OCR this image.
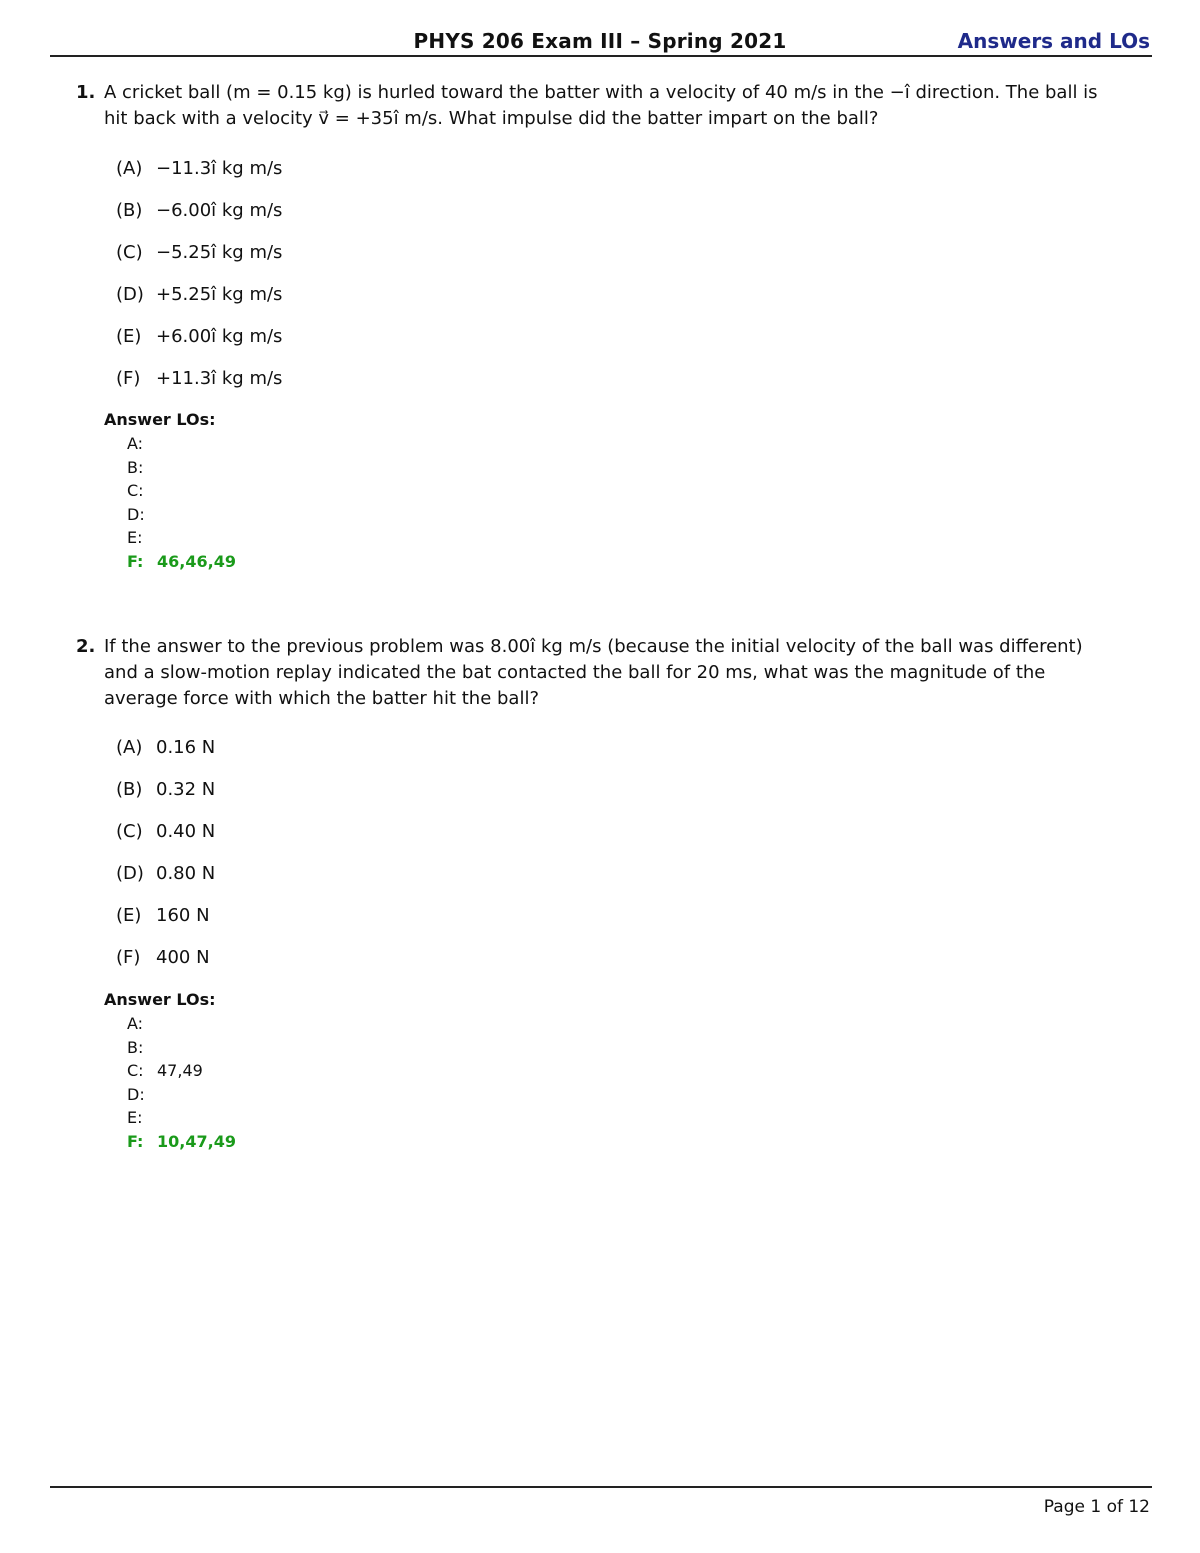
PHYS 206 Exam III – Spring 2021	Answers and LOs
1. A cricket ball (m = 0.15 kg) is hurled toward the batter with a velocity of 40 m/s in the −î direction. The ball is hit back with a velocity v⃗ = +35î m/s. What impulse did the batter impart on the ball?
(A) −11.3î kg m/s
(B) −6.00î kg m/s
(C) −5.25î kg m/s
(D) +5.25î kg m/s
(E) +6.00î kg m/s
(F) +11.3î kg m/s
Answer LOs:
A:
B:
C:
D:
E:
F: 46,46,49
2. If the answer to the previous problem was 8.00î kg m/s (because the initial velocity of the ball was different) and a slow-motion replay indicated the bat contacted the ball for 20 ms, what was the magnitude of the average force with which the batter hit the ball?
(A) 0.16 N
(B) 0.32 N
(C) 0.40 N
(D) 0.80 N
(E) 160 N
(F) 400 N
Answer LOs:
A:
B:
C: 47,49
D:
E:
F: 10,47,49
Page 1 of 12
